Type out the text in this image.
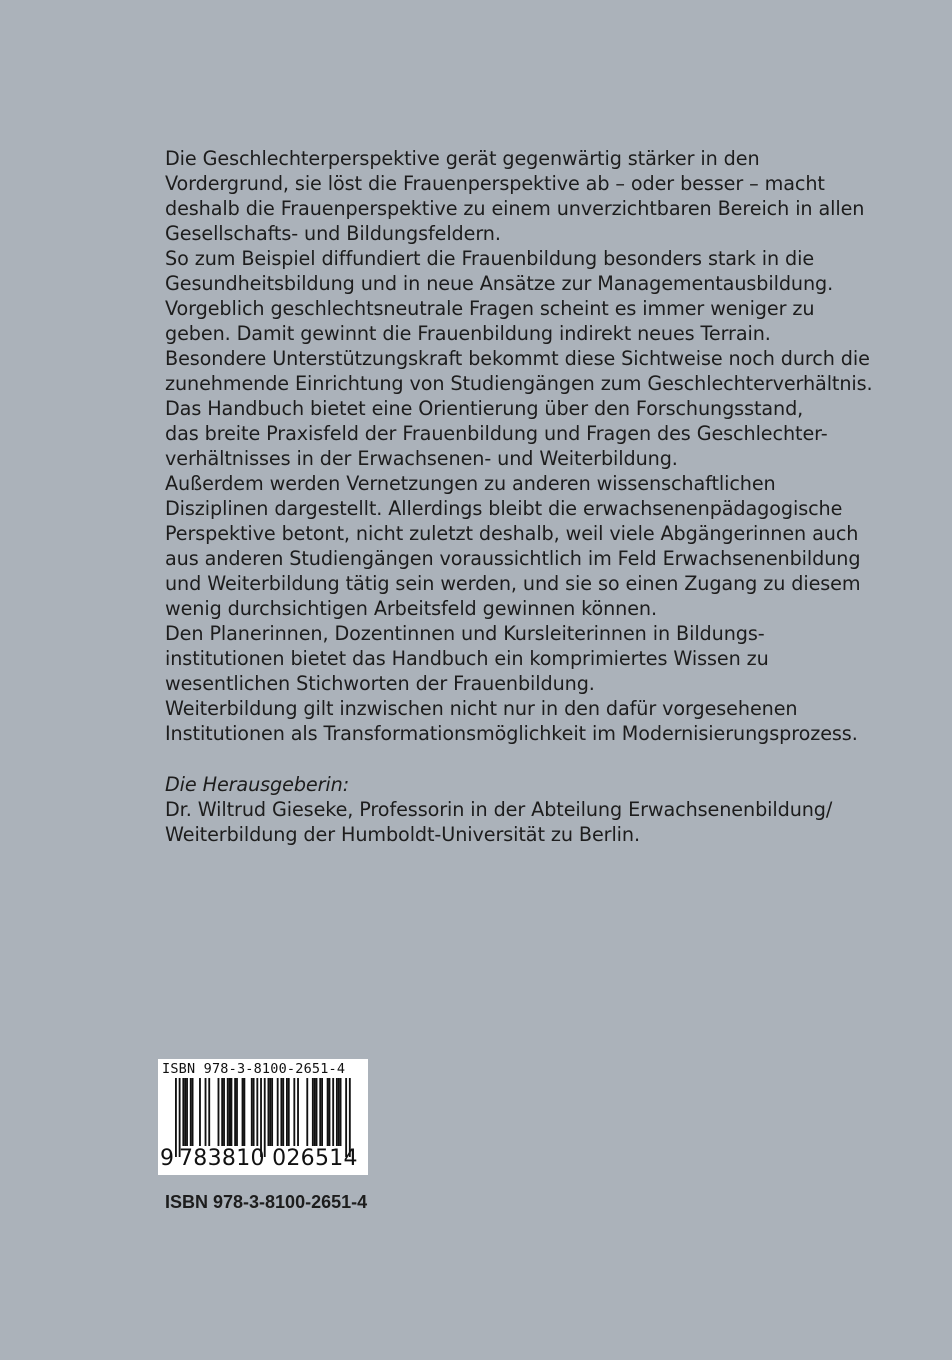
Die Geschlechterperspektive gerät gegenwärtig stärker in den
Vordergrund, sie löst die Frauenperspektive ab – oder besser – macht
deshalb die Frauenperspektive zu einem unverzichtbaren Bereich in allen
Gesellschafts- und Bildungsfeldern.
So zum Beispiel diffundiert die Frauenbildung besonders stark in die
Gesundheitsbildung und in neue Ansätze zur Managementausbildung.
Vorgeblich geschlechtsneutrale Fragen scheint es immer weniger zu
geben. Damit gewinnt die Frauenbildung indirekt neues Terrain.
Besondere Unterstützungskraft bekommt diese Sichtweise noch durch die
zunehmende Einrichtung von Studiengängen zum Geschlechterverhältnis.
Das Handbuch bietet eine Orientierung über den Forschungsstand,
das breite Praxisfeld der Frauenbildung und Fragen des Geschlechter-
verhältnisses in der Erwachsenen- und Weiterbildung.
Außerdem werden Vernetzungen zu anderen wissenschaftlichen
Disziplinen dargestellt. Allerdings bleibt die erwachsenenpädagogische
Perspektive betont, nicht zuletzt deshalb, weil viele Abgängerinnen auch
aus anderen Studiengängen voraussichtlich im Feld Erwachsenenbildung
und Weiterbildung tätig sein werden, und sie so einen Zugang zu diesem
wenig durchsichtigen Arbeitsfeld gewinnen können.
Den Planerinnen, Dozentinnen und Kursleiterinnen in Bildungs-
institutionen bietet das Handbuch ein komprimiertes Wissen zu
wesentlichen Stichworten der Frauenbildung.
Weiterbildung gilt inzwischen nicht nur in den dafür vorgesehenen
Institutionen als Transformationsmöglichkeit im Modernisierungsprozess.
Die Herausgeberin:
Dr. Wiltrud Gieseke, Professorin in der Abteilung Erwachsenenbildung/
Weiterbildung der Humboldt-Universität zu Berlin.
ISBN 978-3-8100-2651-4
9 783810 026514
ISBN 978-3-8100-2651-4
